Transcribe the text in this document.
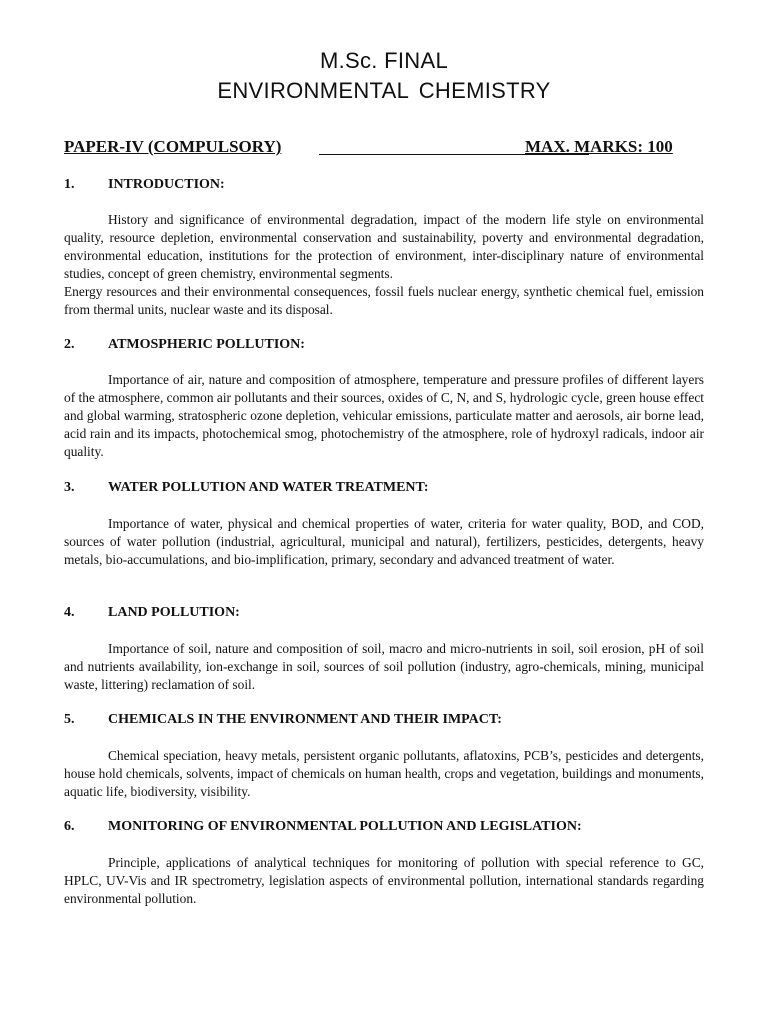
M.Sc. FINAL
ENVIRONMENTAL CHEMISTRY
PAPER-IV (COMPULSORY)	MAX. MARKS: 100
1. INTRODUCTION:

History and significance of environmental degradation, impact of the modern life style on environmental quality, resource depletion, environmental conservation and sustainability, poverty and environmental degradation, environmental education, institutions for the protection of environment, inter-disciplinary nature of environmental studies, concept of green chemistry, environmental segments.

Energy resources and their environmental consequences, fossil fuels nuclear energy, synthetic chemical fuel, emission from thermal units, nuclear waste and its disposal.

2. ATMOSPHERIC POLLUTION:

Importance of air, nature and composition of atmosphere, temperature and pressure profiles of different layers of the atmosphere, common air pollutants and their sources, oxides of C, N, and S, hydrologic cycle, green house effect and global warming, stratospheric ozone depletion, vehicular emissions, particulate matter and aerosols, air borne lead, acid rain and its impacts, photochemical smog, photochemistry of the atmosphere, role of hydroxyl radicals, indoor air quality.

3. WATER POLLUTION AND WATER TREATMENT:

Importance of water, physical and chemical properties of water, criteria for water quality, BOD, and COD, sources of water pollution (industrial, agricultural, municipal and natural), fertilizers, pesticides, detergents, heavy metals, bio-accumulations, and bio-implification, primary, secondary and advanced treatment of water.

4. LAND POLLUTION:

Importance of soil, nature and composition of soil, macro and micro-nutrients in soil, soil erosion, pH of soil and nutrients availability, ion-exchange in soil, sources of soil pollution (industry, agro-chemicals, mining, municipal waste, littering) reclamation of soil.

5. CHEMICALS IN THE ENVIRONMENT AND THEIR IMPACT:

Chemical speciation, heavy metals, persistent organic pollutants, aflatoxins, PCB’s, pesticides and detergents, house hold chemicals, solvents, impact of chemicals on human health, crops and vegetation, buildings and monuments, aquatic life, biodiversity, visibility.

6. MONITORING OF ENVIRONMENTAL POLLUTION AND LEGISLATION:

Principle, applications of analytical techniques for monitoring of pollution with special reference to GC, HPLC, UV-Vis and IR spectrometry, legislation aspects of environmental pollution, international standards regarding environmental pollution.
